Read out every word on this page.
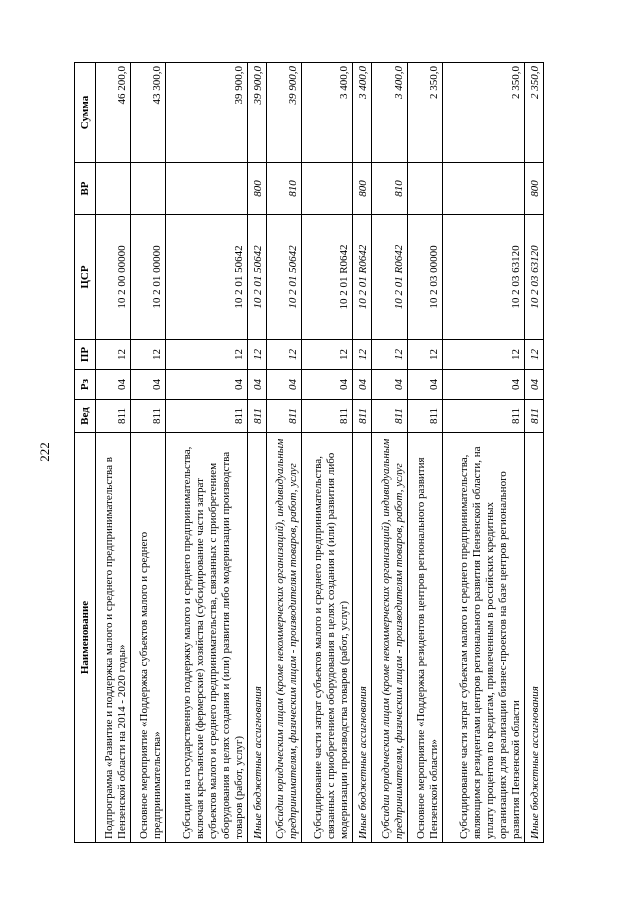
222
Наименование	Вед	Рз	ПР	ЦСР	ВР	Сумма
Подпрограмма «Развитие и поддержка малого и среднего предпринимательства в Пензенской области на 2014 - 2020 годы»	811	04	12	10 2 00 00000		46 200,0
Основное мероприятие «Поддержка субъектов малого и среднего предпринимательства»	811	04	12	10 2 01 00000		43 300,0
Субсидии на государственную поддержку малого и среднего предпринимательства, включая крестьянские (фермерские) хозяйства (субсидирование части затрат субъектов малого и среднего предпринимательства, связанных с приобретением оборудования в целях создания и (или) развития либо модернизации производства товаров (работ, услуг)	811	04	12	10 2 01 50642		39 900,0
Иные бюджетные ассигнования	811	04	12	10 2 01 50642	800	39 900,0
Субсидии юридическим лицам (кроме некоммерческих организаций), индивидуальным предпринимателям, физическим лицам - производителям товаров, работ, услуг	811	04	12	10 2 01 50642	810	39 900,0
Субсидирование части затрат субъектов малого и среднего предпринимательства, связанных с приобретением оборудования в целях создания и (или) развития либо модернизации производства товаров (работ, услуг)	811	04	12	10 2 01 R0642		3 400,0
Иные бюджетные ассигнования	811	04	12	10 2 01 R0642	800	3 400,0
Субсидии юридическим лицам (кроме некоммерческих организаций), индивидуальным предпринимателям, физическим лицам - производителям товаров, работ, услуг	811	04	12	10 2 01 R0642	810	3 400,0
Основное мероприятие «Поддержка резидентов центров регионального развития Пензенской области»	811	04	12	10 2 03 00000		2 350,0
Субсидирование части затрат субъектам малого и среднего предпринимательства, являющимся резидентами центров регионального развития Пензенской области, на уплату процентов по кредитам, привлеченным в российских кредитных организациях для реализации бизнес-проектов на базе центров регионального развития Пензенской области	811	04	12	10 2 03 63120		2 350,0
Иные бюджетные ассигнования	811	04	12	10 2 03 63120	800	2 350,0
